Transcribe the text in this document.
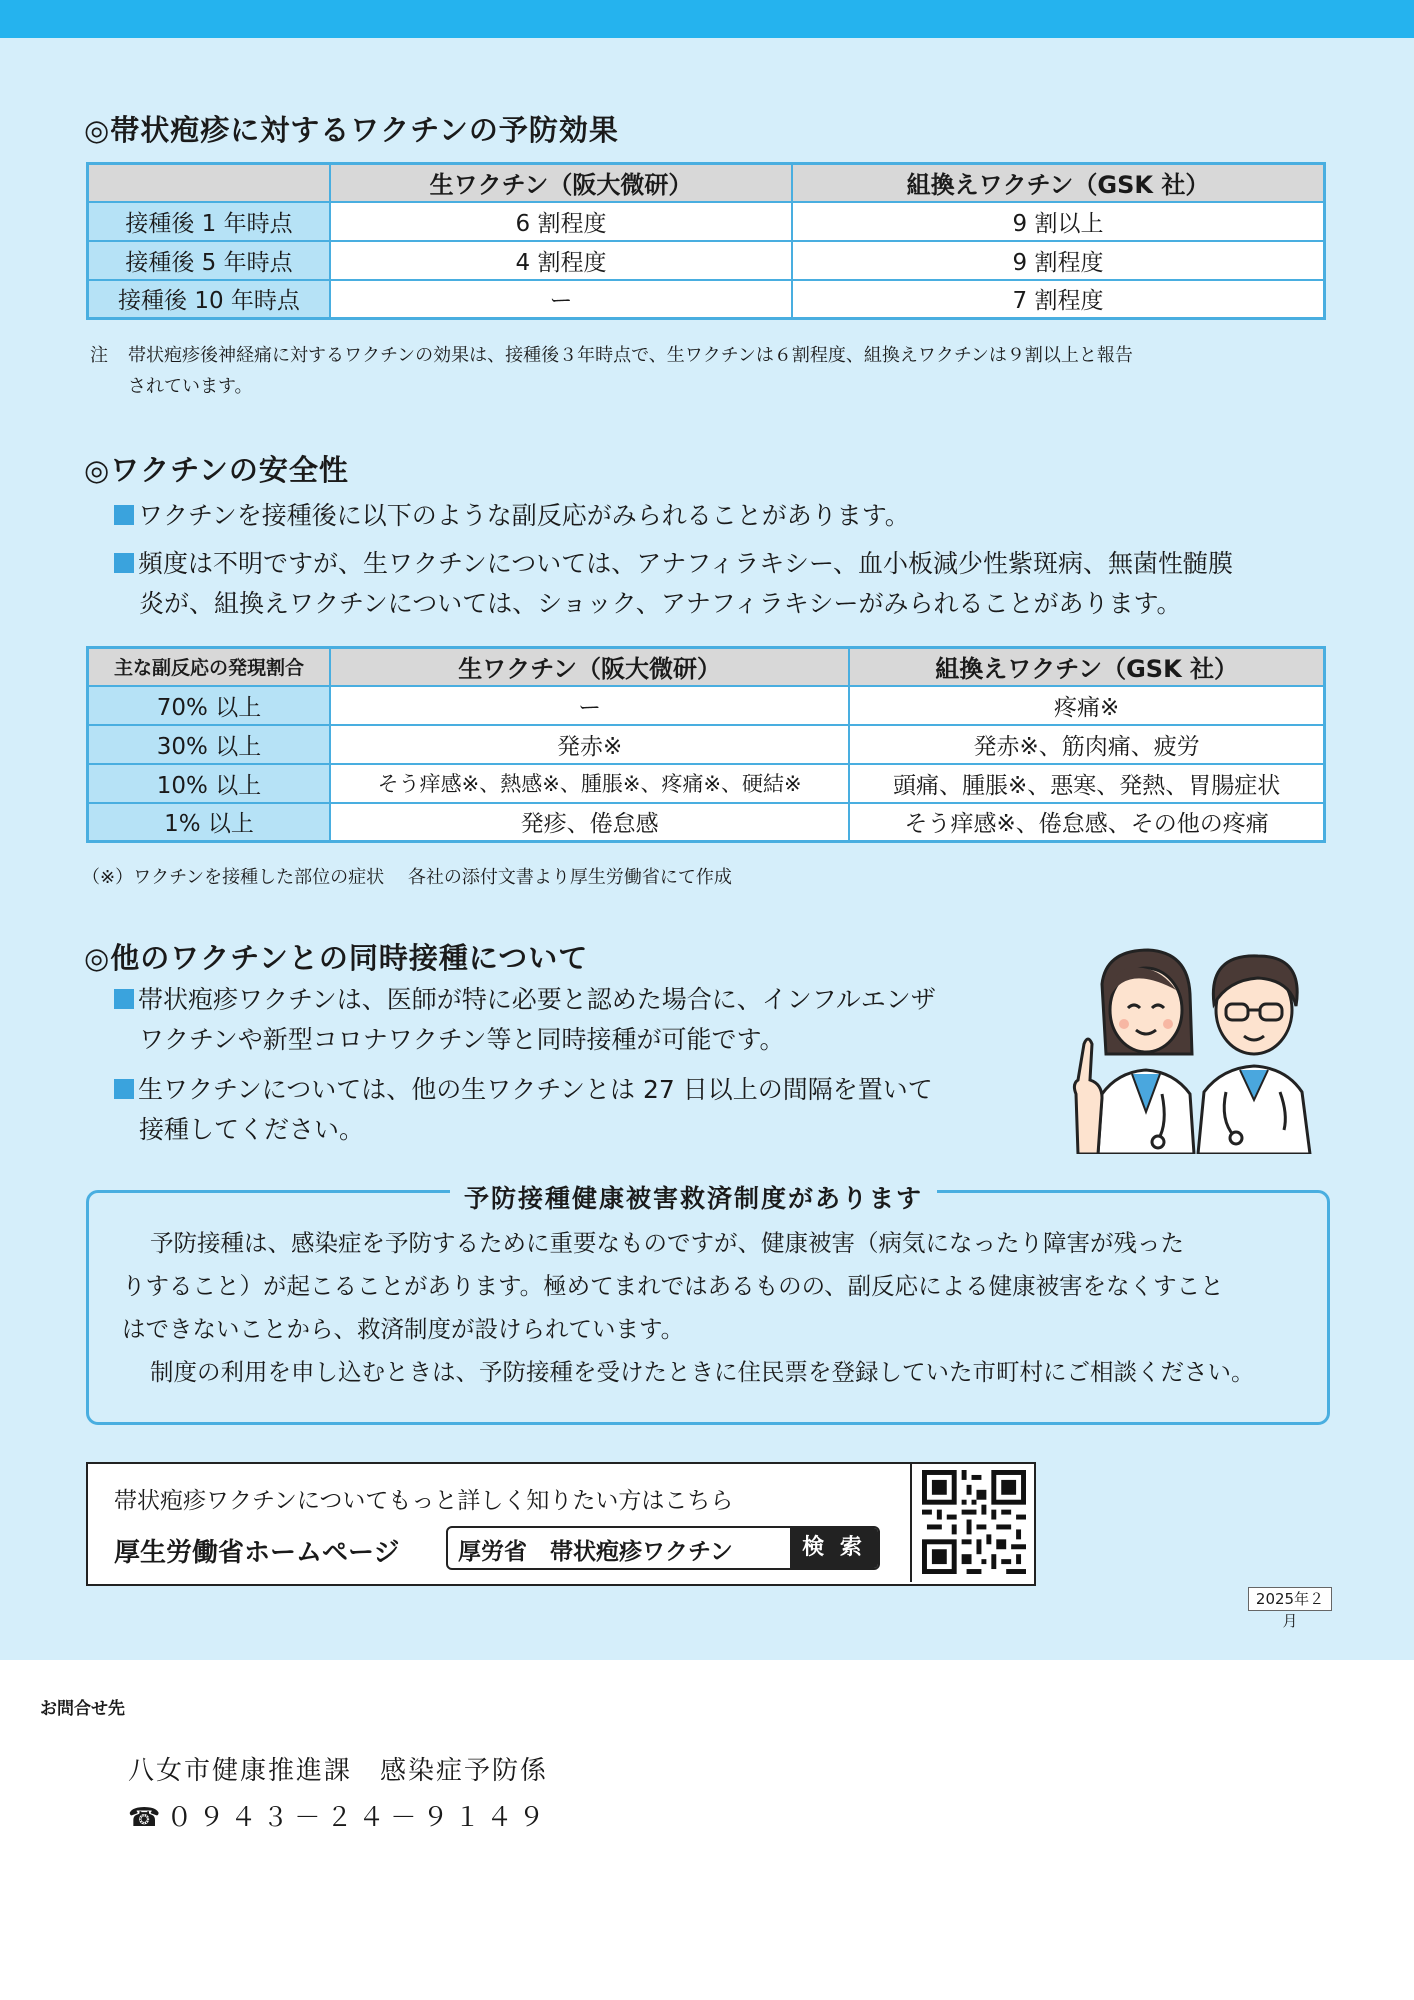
◎帯状疱疹に対するワクチンの予防効果
	生ワクチン（阪大微研）	組換えワクチン（GSK 社）
接種後 1 年時点	6 割程度	9 割以上
接種後 5 年時点	4 割程度	9 割程度
接種後 10 年時点	ー	7 割程度
注 帯状疱疹後神経痛に対するワクチンの効果は、接種後３年時点で、生ワクチンは６割程度、組換えワクチンは９割以上と報告
されています。
◎ワクチンの安全性
ワクチンを接種後に以下のような副反応がみられることがあります。
頻度は不明ですが、生ワクチンについては、アナフィラキシー、血小板減少性紫斑病、無菌性髄膜
炎が、組換えワクチンについては、ショック、アナフィラキシーがみられることがあります。
主な副反応の発現割合	生ワクチン（阪大微研）	組換えワクチン（GSK 社）
70% 以上	ー	疼痛※
30% 以上	発赤※	発赤※、筋肉痛、疲労
10% 以上	そう痒感※、熱感※、腫脹※、疼痛※、硬結※	頭痛、腫脹※、悪寒、発熱、胃腸症状
1% 以上	発疹、倦怠感	そう痒感※、倦怠感、その他の疼痛
（※）ワクチンを接種した部位の症状　 各社の添付文書より厚生労働省にて作成
◎他のワクチンとの同時接種について
帯状疱疹ワクチンは、医師が特に必要と認めた場合に、インフルエンザ
ワクチンや新型コロナワクチン等と同時接種が可能です。
生ワクチンについては、他の生ワクチンとは 27 日以上の間隔を置いて
接種してください。
予防接種健康被害救済制度があります
予防接種は、感染症を予防するために重要なものですが、健康被害（病気になったり障害が残った
りすること）が起こることがあります。極めてまれではあるものの、副反応による健康被害をなくすこと
はできないことから、救済制度が設けられています。
制度の利用を申し込むときは、予防接種を受けたときに住民票を登録していた市町村にご相談ください。
帯状疱疹ワクチンについてもっと詳しく知りたい方はこちら
厚生労働省ホームページ	厚労省　帯状疱疹ワクチン	検 索
2025年２月
お問合せ先
八女市健康推進課　感染症予防係
☎０９４３－２４－９１４９
